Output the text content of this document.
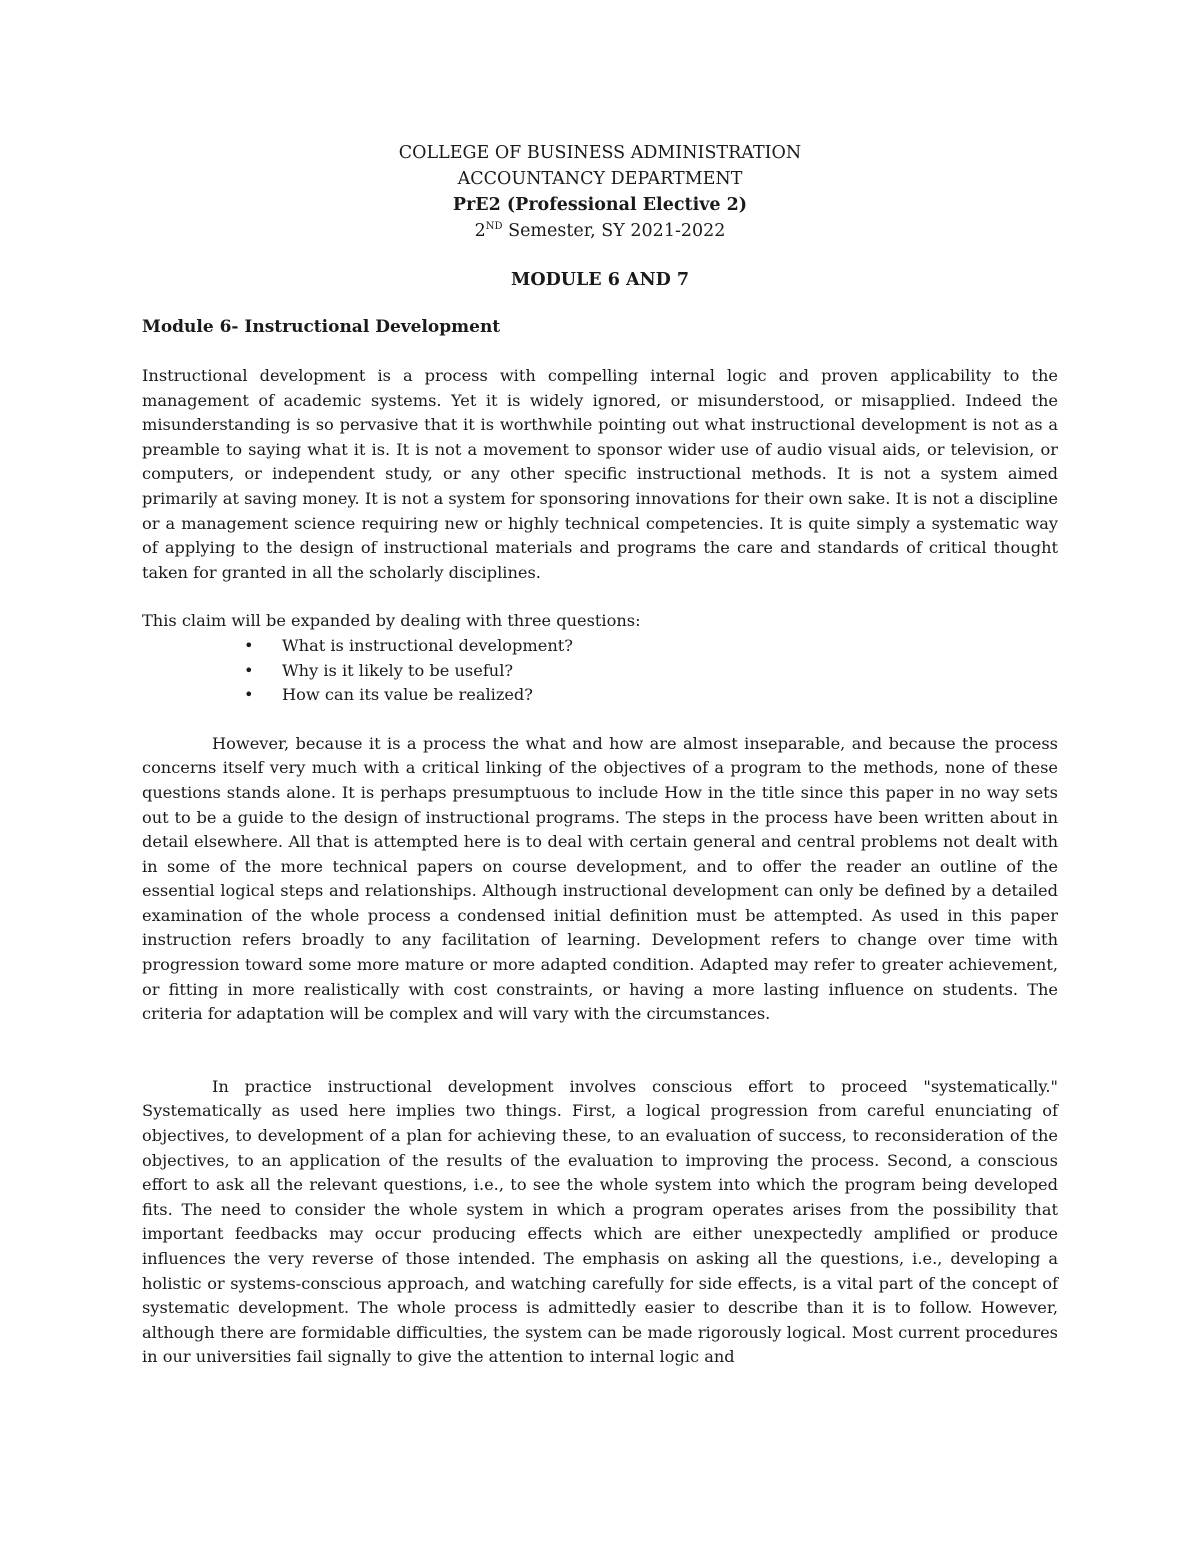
COLLEGE OF BUSINESS ADMINISTRATION
ACCOUNTANCY DEPARTMENT
PrE2 (Professional Elective 2)
2ND Semester, SY 2021-2022
MODULE 6 AND 7
Module 6- Instructional Development

Instructional development is a process with compelling internal logic and proven applicability to the management of academic systems. Yet it is widely ignored, or misunderstood, or misapplied. Indeed the misunderstanding is so pervasive that it is worthwhile pointing out what instructional development is not as a preamble to saying what it is. It is not a movement to sponsor wider use of audio visual aids, or television, or computers, or independent study, or any other specific instructional methods. It is not a system aimed primarily at saving money. It is not a system for sponsoring innovations for their own sake. It is not a discipline or a management science requiring new or highly technical competencies. It is quite simply a systematic way of applying to the design of instructional materials and programs the care and standards of critical thought taken for granted in all the scholarly disciplines.

This claim will be expanded by dealing with three questions:

• What is instructional development?
• Why is it likely to be useful?
• How can its value be realized?

However, because it is a process the what and how are almost inseparable, and because the process concerns itself very much with a critical linking of the objectives of a program to the methods, none of these questions stands alone. It is perhaps presumptuous to include How in the title since this paper in no way sets out to be a guide to the design of instructional programs. The steps in the process have been written about in detail elsewhere. All that is attempted here is to deal with certain general and central problems not dealt with in some of the more technical papers on course development, and to offer the reader an outline of the essential logical steps and relationships. Although instructional development can only be defined by a detailed examination of the whole process a condensed initial definition must be attempted. As used in this paper instruction refers broadly to any facilitation of learning. Development refers to change over time with progression toward some more mature or more adapted condition. Adapted may refer to greater achievement, or fitting in more realistically with cost constraints, or having a more lasting influence on students. The criteria for adaptation will be complex and will vary with the circumstances.

In practice instructional development involves conscious effort to proceed "systematically." Systematically as used here implies two things. First, a logical progression from careful enunciating of objectives, to development of a plan for achieving these, to an evaluation of success, to reconsideration of the objectives, to an application of the results of the evaluation to improving the process. Second, a conscious effort to ask all the relevant questions, i.e., to see the whole system into which the program being developed fits. The need to consider the whole system in which a program operates arises from the possibility that important feedbacks may occur producing effects which are either unexpectedly amplified or produce influences the very reverse of those intended. The emphasis on asking all the questions, i.e., developing a holistic or systems-conscious approach, and watching carefully for side effects, is a vital part of the concept of systematic development. The whole process is admittedly easier to describe than it is to follow. However, although there are formidable difficulties, the system can be made rigorously logical. Most current procedures in our universities fail signally to give the attention to internal logic and
